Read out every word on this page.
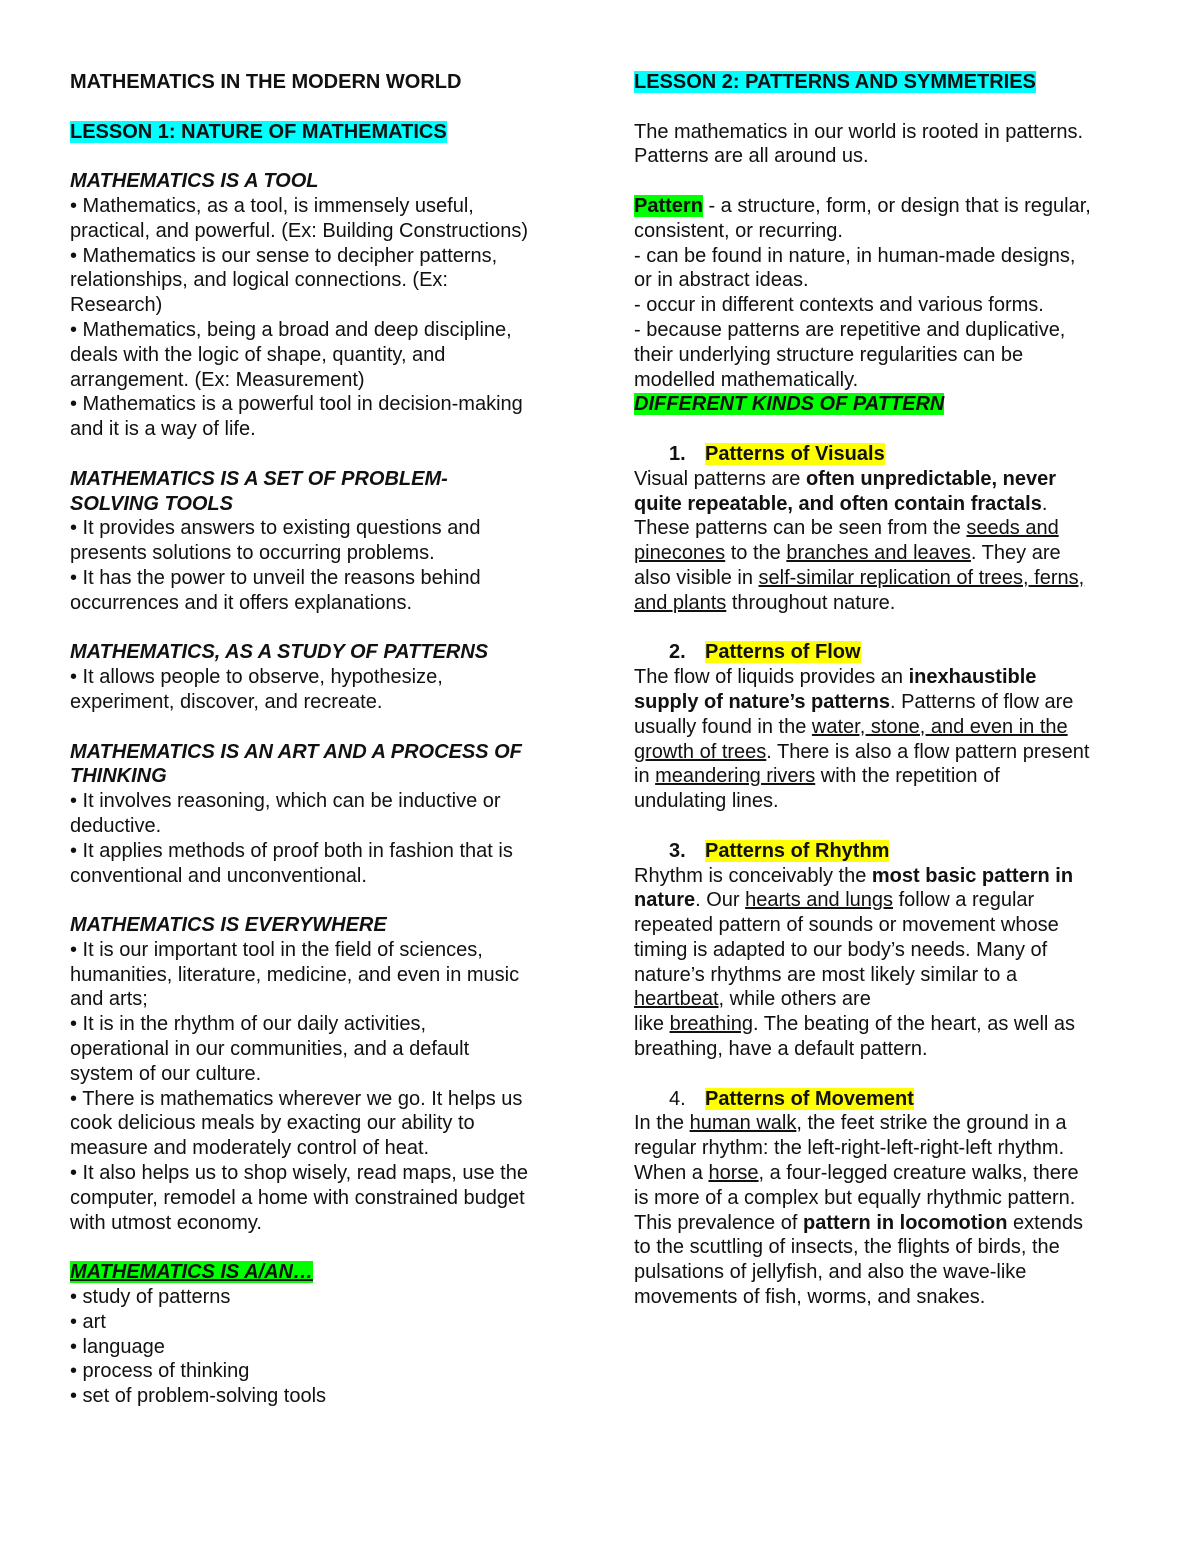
MATHEMATICS IN THE MODERN WORLD

LESSON 1: NATURE OF MATHEMATICS

MATHEMATICS IS A TOOL

• Mathematics, as a tool, is immensely useful,

practical, and powerful. (Ex: Building Constructions)

• Mathematics is our sense to decipher patterns,

relationships, and logical connections. (Ex:

Research)

• Mathematics, being a broad and deep discipline,

deals with the logic of shape, quantity, and

arrangement. (Ex: Measurement)

• Mathematics is a powerful tool in decision-making

and it is a way of life.

MATHEMATICS IS A SET OF PROBLEM-

SOLVING TOOLS

• It provides answers to existing questions and

presents solutions to occurring problems.

• It has the power to unveil the reasons behind

occurrences and it offers explanations.

MATHEMATICS, AS A STUDY OF PATTERNS

• It allows people to observe, hypothesize,

experiment, discover, and recreate.

MATHEMATICS IS AN ART AND A PROCESS OF

THINKING

• It involves reasoning, which can be inductive or

deductive.

• It applies methods of proof both in fashion that is

conventional and unconventional.

MATHEMATICS IS EVERYWHERE

• It is our important tool in the field of sciences,

humanities, literature, medicine, and even in music

and arts;

• It is in the rhythm of our daily activities,

operational in our communities, and a default

system of our culture.

• There is mathematics wherever we go. It helps us

cook delicious meals by exacting our ability to

measure and moderately control of heat.

• It also helps us to shop wisely, read maps, use the

computer, remodel a home with constrained budget

with utmost economy.

MATHEMATICS IS A/AN…

• study of patterns

• art

• language

• process of thinking

• set of problem-solving tools

LESSON 2: PATTERNS AND SYMMETRIES

The mathematics in our world is rooted in patterns.

Patterns are all around us.

Pattern - a structure, form, or design that is regular,

consistent, or recurring.

- can be found in nature, in human-made designs,

or in abstract ideas.

- occur in different contexts and various forms.

- because patterns are repetitive and duplicative,

their underlying structure regularities can be

modelled mathematically.

DIFFERENT KINDS OF PATTERN

1. Patterns of Visuals

Visual patterns are often unpredictable, never

quite repeatable, and often contain fractals.

These patterns can be seen from the seeds and

pinecones to the branches and leaves. They are

also visible in self-similar replication of trees, ferns,

and plants throughout nature.

2. Patterns of Flow

The flow of liquids provides an inexhaustible

supply of nature’s patterns. Patterns of flow are

usually found in the water, stone, and even in the

growth of trees. There is also a flow pattern present

in meandering rivers with the repetition of

undulating lines.

3. Patterns of Rhythm

Rhythm is conceivably the most basic pattern in

nature. Our hearts and lungs follow a regular

repeated pattern of sounds or movement whose

timing is adapted to our body’s needs. Many of

nature’s rhythms are most likely similar to a

heartbeat, while others are

like breathing. The beating of the heart, as well as

breathing, have a default pattern.

4. Patterns of Movement

In the human walk, the feet strike the ground in a

regular rhythm: the left-right-left-right-left rhythm.

When a horse, a four-legged creature walks, there

is more of a complex but equally rhythmic pattern.

This prevalence of pattern in locomotion extends

to the scuttling of insects, the flights of birds, the

pulsations of jellyfish, and also the wave-like

movements of fish, worms, and snakes.
